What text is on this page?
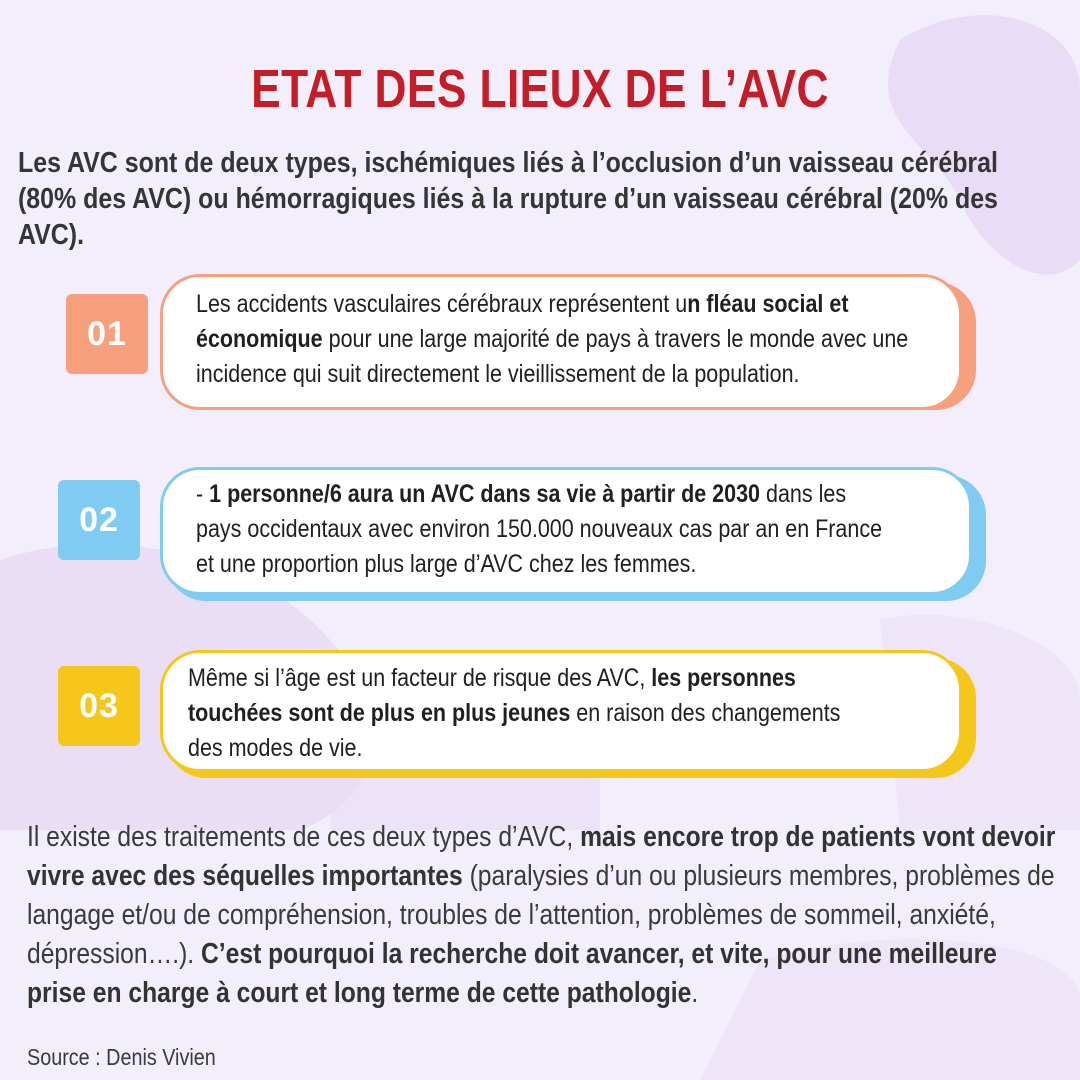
ETAT DES LIEUX DE L’AVC

Les AVC sont de deux types, ischémiques liés à l’occlusion d’un vaisseau cérébral (80% des AVC) ou hémorragiques liés à la rupture d’un vaisseau cérébral (20% des AVC).

01

Les accidents vasculaires cérébraux représentent un fléau social et
économique pour une large majorité de pays à travers le monde avec une
incidence qui suit directement le vieillissement de la population.

02

- 1 personne/6 aura un AVC dans sa vie à partir de 2030 dans les
pays occidentaux avec environ 150.000 nouveaux cas par an en France
et une proportion plus large d’AVC chez les femmes.

03

Même si l’âge est un facteur de risque des AVC, les personnes
touchées sont de plus en plus jeunes en raison des changements
des modes de vie.

Il existe des traitements de ces deux types d’AVC, mais encore trop de patients vont devoir vivre avec des séquelles importantes (paralysies d’un ou plusieurs membres, problèmes de langage et/ou de compréhension, troubles de l’attention, problèmes de sommeil, anxiété, dépression….). C’est pourquoi la recherche doit avancer, et vite, pour une meilleure prise en charge à court et long terme de cette pathologie.

Source : Denis Vivien
